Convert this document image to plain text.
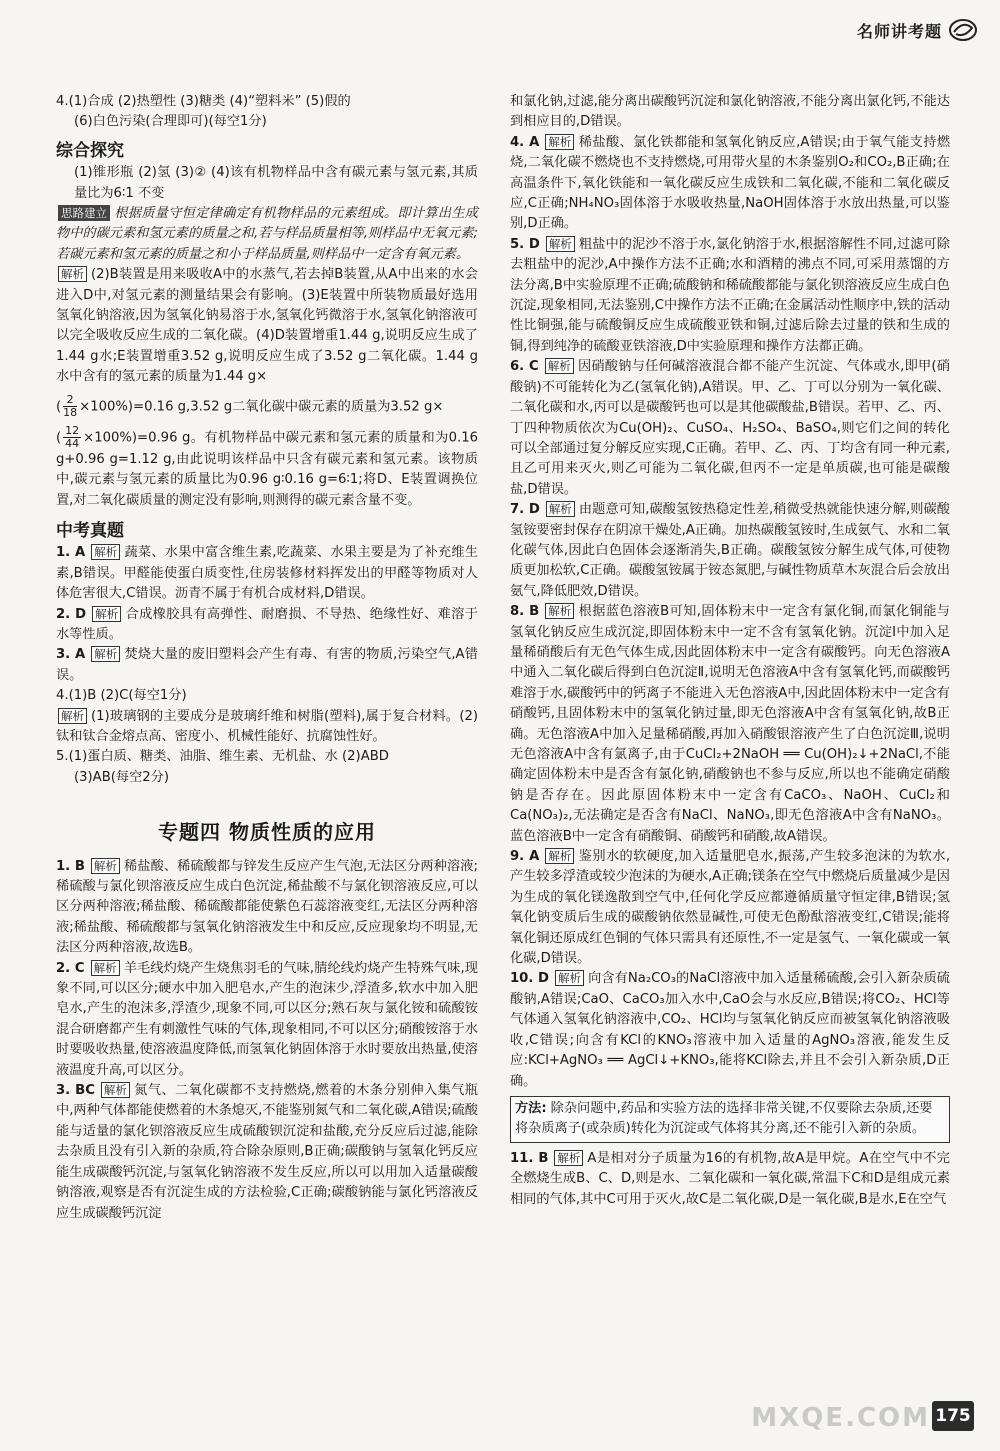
名师讲考题
4.(1)合成 (2)热塑性 (3)糖类 (4)“塑料米” (5)假的
(6)白色污染(合理即可)(每空1分)
综合探究
(1)锥形瓶 (2)氢 (3)② (4)该有机物样品中含有碳元素与氢元素,其质量比为6∶1 不变
思路建立 根据质量守恒定律确定有机物样品的元素组成。即计算出生成物中的碳元素和氢元素的质量之和,若与样品质量相等,则样品中无氧元素;若碳元素和氢元素的质量之和小于样品质量,则样品中一定含有氧元素。
解析 (2)B装置是用来吸收A中的水蒸气,若去掉B装置,从A中出来的水会进入D中,对氢元素的测量结果会有影响。(3)E装置中所装物质最好选用氢氧化钠溶液,因为氢氧化钠易溶于水,氢氧化钙微溶于水,氢氧化钠溶液可以完全吸收反应生成的二氧化碳。(4)D装置增重1.44 g,说明反应生成了1.44 g水;E装置增重3.52 g,说明反应生成了3.52 g二氧化碳。1.44 g水中含有的氢元素的质量为1.44 g×
( $\frac{2}{18} \times 100\%)=0.16$ g,3.52 g二氧化碳中碳元素的质量为3.52 g×
( $\frac{12}{44} \times 100\%)=0.96$ g。有机物样品中碳元素和氢元素的质量和为0.16 g+0.96 g=1.12 g,由此说明该样品中只含有碳元素和氢元素。该物质中,碳元素与氢元素的质量比为0.96 g∶0.16 g=6∶1;将D、E装置调换位置,对二氧化碳质量的测定没有影响,则测得的碳元素含量不变。
中考真题
1. A 解析 蔬菜、水果中富含维生素,吃蔬菜、水果主要是为了补充维生素,B错误。甲醛能使蛋白质变性,住房装修材料挥发出的甲醛等物质对人体危害很大,C错误。沥青不属于有机合成材料,D错误。
2. D 解析 合成橡胶具有高弹性、耐磨损、不导热、绝缘性好、难溶于水等性质。
3. A 解析 焚烧大量的废旧塑料会产生有毒、有害的物质,污染空气,A错误。
4.(1)B (2)C(每空1分)
解析 (1)玻璃钢的主要成分是玻璃纤维和树脂(塑料),属于复合材料。(2)钛和钛合金熔点高、密度小、机械性能好、抗腐蚀性好。
5.(1)蛋白质、糖类、油脂、维生素、无机盐、水 (2)ABD
(3)AB(每空2分)
专题四 物质性质的应用
1. B 解析 稀盐酸、稀硫酸都与锌发生反应产生气泡,无法区分两种溶液;稀硫酸与氯化钡溶液反应生成白色沉淀,稀盐酸不与氯化钡溶液反应,可以区分两种溶液;稀盐酸、稀硫酸都能使紫色石蕊溶液变红,无法区分两种溶液;稀盐酸、稀硫酸都与氢氧化钠溶液发生中和反应,反应现象均不明显,无法区分两种溶液,故选B。
2. C 解析 羊毛线灼烧产生烧焦羽毛的气味,腈纶线灼烧产生特殊气味,现象不同,可以区分;硬水中加入肥皂水,产生的泡沫少,浮渣多,软水中加入肥皂水,产生的泡沫多,浮渣少,现象不同,可以区分;熟石灰与氯化铵和硫酸铵混合研磨都产生有刺激性气味的气体,现象相同,不可以区分;硝酸铵溶于水时要吸收热量,使溶液温度降低,而氢氧化钠固体溶于水时要放出热量,使溶液温度升高,可以区分。
3. BC 解析 氮气、二氧化碳都不支持燃烧,燃着的木条分别伸入集气瓶中,两种气体都能使燃着的木条熄灭,不能鉴别氮气和二氧化碳,A错误;硫酸能与适量的氯化钡溶液反应生成硫酸钡沉淀和盐酸,充分反应后过滤,能除去杂质且没有引入新的杂质,符合除杂原则,B正确;碳酸钠与氢氧化钙反应能生成碳酸钙沉淀,与氢氧化钠溶液不发生反应,所以可以用加入适量碳酸钠溶液,观察是否有沉淀生成的方法检验,C正确;碳酸钠能与氯化钙溶液反应生成碳酸钙沉淀
和氯化钠,过滤,能分离出碳酸钙沉淀和氯化钠溶液,不能分离出氯化钙,不能达到相应目的,D错误。
4. A 解析 稀盐酸、氯化铁都能和氢氧化钠反应,A错误;由于氧气能支持燃烧,二氧化碳不燃烧也不支持燃烧,可用带火星的木条鉴别O₂和CO₂,B正确;在高温条件下,氧化铁能和一氧化碳反应生成铁和二氧化碳,不能和二氧化碳反应,C正确;NH₄NO₃固体溶于水吸收热量,NaOH固体溶于水放出热量,可以鉴别,D正确。
5. D 解析 粗盐中的泥沙不溶于水,氯化钠溶于水,根据溶解性不同,过滤可除去粗盐中的泥沙,A中操作方法不正确;水和酒精的沸点不同,可采用蒸馏的方法分离,B中实验原理不正确;硫酸钠和稀硫酸都能与氯化钡溶液反应生成白色沉淀,现象相同,无法鉴别,C中操作方法不正确;在金属活动性顺序中,铁的活动性比铜强,能与硫酸铜反应生成硫酸亚铁和铜,过滤后除去过量的铁和生成的铜,得到纯净的硫酸亚铁溶液,D中实验原理和操作方法都正确。
6. C 解析 因硝酸钠与任何碱溶液混合都不能产生沉淀、气体或水,即甲(硝酸钠)不可能转化为乙(氢氧化钠),A错误。甲、乙、丁可以分别为一氧化碳、二氧化碳和水,丙可以是碳酸钙也可以是其他碳酸盐,B错误。若甲、乙、丙、丁四种物质依次为Cu(OH)₂、CuSO₄、H₂SO₄、BaSO₄,则它们之间的转化可以全部通过复分解反应实现,C正确。若甲、乙、丙、丁均含有同一种元素,且乙可用来灭火,则乙可能为二氧化碳,但丙不一定是单质碳,也可能是碳酸盐,D错误。
7. D 解析 由题意可知,碳酸氢铵热稳定性差,稍微受热就能快速分解,则碳酸氢铵要密封保存在阴凉干燥处,A正确。加热碳酸氢铵时,生成氨气、水和二氧化碳气体,因此白色固体会逐渐消失,B正确。碳酸氢铵分解生成气体,可使物质更加松软,C正确。碳酸氢铵属于铵态氮肥,与碱性物质草木灰混合后会放出氨气,降低肥效,D错误。
8. B 解析 根据蓝色溶液B可知,固体粉末中一定含有氯化铜,而氯化铜能与氢氧化钠反应生成沉淀,即固体粉末中一定不含有氢氧化钠。沉淀Ⅰ中加入足量稀硝酸后有无色气体生成,因此固体粉末中一定含有碳酸钙。向无色溶液A中通入二氧化碳后得到白色沉淀Ⅱ,说明无色溶液A中含有氢氧化钙,而碳酸钙难溶于水,碳酸钙中的钙离子不能进入无色溶液A中,因此固体粉末中一定含有硝酸钙,且固体粉末中的氢氧化钠过量,即无色溶液A中含有氢氧化钠,故B正确。无色溶液A中加入足量稀硝酸,再加入硝酸银溶液产生了白色沉淀Ⅲ,说明无色溶液A中含有氯离子,由于CuCl₂+2NaOH ══ Cu(OH)₂↓+2NaCl,不能确定固体粉末中是否含有氯化钠,硝酸钠也不参与反应,所以也不能确定硝酸钠是否存在。因此原固体粉末中一定含有CaCO₃、NaOH、CuCl₂和Ca(NO₃)₂,无法确定是否含有NaCl、NaNO₃,即无色溶液A中含有NaNO₃。蓝色溶液B中一定含有硝酸铜、硝酸钙和硝酸,故A错误。
9. A 解析 鉴别水的软硬度,加入适量肥皂水,振荡,产生较多泡沫的为软水,产生较多浮渣或较少泡沫的为硬水,A正确;镁条在空气中燃烧后质量减少是因为生成的氧化镁逸散到空气中,任何化学反应都遵循质量守恒定律,B错误;氢氧化钠变质后生成的碳酸钠依然显碱性,可使无色酚酞溶液变红,C错误;能将氧化铜还原成红色铜的气体只需具有还原性,不一定是氢气、一氧化碳或一氧化碳,D错误。
10. D 解析 向含有Na₂CO₃的NaCl溶液中加入适量稀硫酸,会引入新杂质硫酸钠,A错误;CaO、CaCO₃加入水中,CaO会与水反应,B错误;将CO₂、HCl等气体通入氢氧化钠溶液中,CO₂、HCl均与氢氧化钠反应而被氢氧化钠溶液吸收,C错误;向含有KCl的KNO₃溶液中加入适量的AgNO₃溶液,能发生反应:KCl+AgNO₃ ══ AgCl↓+KNO₃,能将KCl除去,并且不会引入新杂质,D正确。
方法: 除杂问题中,药品和实验方法的选择非常关键,不仅要除去杂质,还要将杂质离子(或杂质)转化为沉淀或气体将其分离,还不能引入新的杂质。
11. B 解析 A是相对分子质量为16的有机物,故A是甲烷。A在空气中不完全燃烧生成B、C、D,则是水、二氧化碳和一氧化碳,常温下C和D是组成元素相同的气体,其中C可用于灭火,故C是二氧化碳,D是一氧化碳,B是水,E在空气
MXQE.COM 175
